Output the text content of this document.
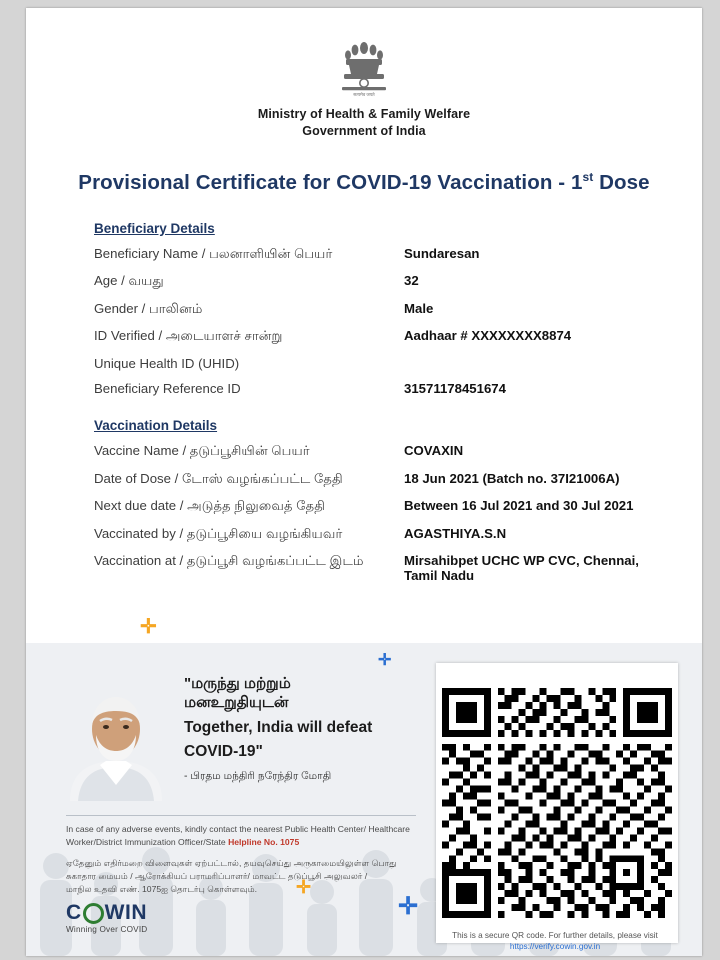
सत्यमेव जयते
Ministry of Health & Family Welfare
Government of India
Provisional Certificate for COVID-19 Vaccination - 1st Dose
Beneficiary Details
Beneficiary Name / பலனாளியின் பெயர்	Sundaresan
Age / வயது	32
Gender / பாலினம்	Male
ID Verified / அடையாளச் சான்று	Aadhaar # XXXXXXXX8874
Unique Health ID (UHID)
Beneficiary Reference ID	31571178451674
Vaccination Details
Vaccine Name / தடுப்பூசியின் பெயர்	COVAXIN
Date of Dose / டோஸ் வழங்கப்பட்ட தேதி	18 Jun 2021 (Batch no. 37I21006A)
Next due date / அடுத்த நிலுவைத் தேதி	Between 16 Jul 2021 and 30 Jul 2021
Vaccinated by / தடுப்பூசியை வழங்கியவர்	AGASTHIYA.S.N
Vaccination at / தடுப்பூசி வழங்கப்பட்ட இடம்	Mirsahibpet UCHC WP CVC, Chennai, Tamil Nadu
✛
✛
✛
✛
"மருந்து மற்றும்
மனஉறுதியுடன்
Together, India will defeat
COVID-19"
- பிரதம மந்திரி நரேந்திர மோதி

In case of any adverse events, kindly contact the nearest Public Health Center/ Healthcare Worker/District Immunization Officer/State Helpline No. 1075

ஏதேனும் எதிர்மறை விளைவுகள் ஏற்பட்டால், தயவுசெய்து அருகாமையிலுள்ள பொது
சுகாதார மையம் / ஆரோக்கியப் பராமரிப்பாளர்/ மாவட்ட தடுப்பூசி அலுவலர் /
மாநில உதவி எண். 1075ஐ தொடர்பு கொள்ளவும்.

C WIN
Winning Over COVID
This is a secure QR code. For further details, please visit
https://verify.cowin.gov.in
